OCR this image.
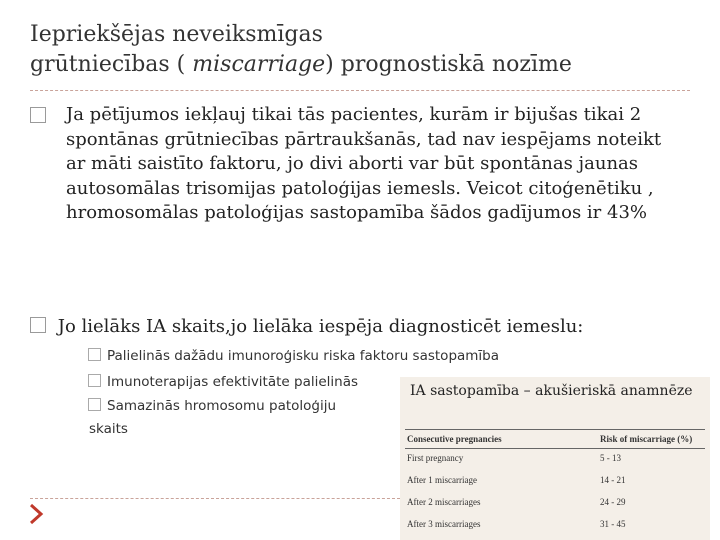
Iepriekšējas neveiksmīgas
grūtniecības ( miscarriage) prognostiskā nozīme
Ja pētījumos iekļauj tikai tās pacientes, kurām ir bijušas tikai 2 spontānas grūtniecības pārtraukšanās, tad nav iespējams noteikt ar māti saistīto faktoru, jo divi aborti var būt spontānas jaunas autosomālas trisomijas patoloģijas iemesls. Veicot citoģenētiku , hromosomālas patoloģijas sastopamība šādos gadījumos ir 43%
Jo lielāks IA skaits,jo lielāka iespēja diagnosticēt iemeslu:
Palielinās dažādu imunoroģisku riska faktoru sastopamība
Imunoterapijas efektivitāte palielinās
Samazinās hromosomu patoloģiju
skaits
IA sastopamība – akušieriskā anamnēze
Consecutive pregnancies	Risk of miscarriage (%)
First pregnancy	5 - 13
After 1 miscarriage	14 - 21
After 2 miscarriages	24 - 29
After 3 miscarriages	31 - 45
